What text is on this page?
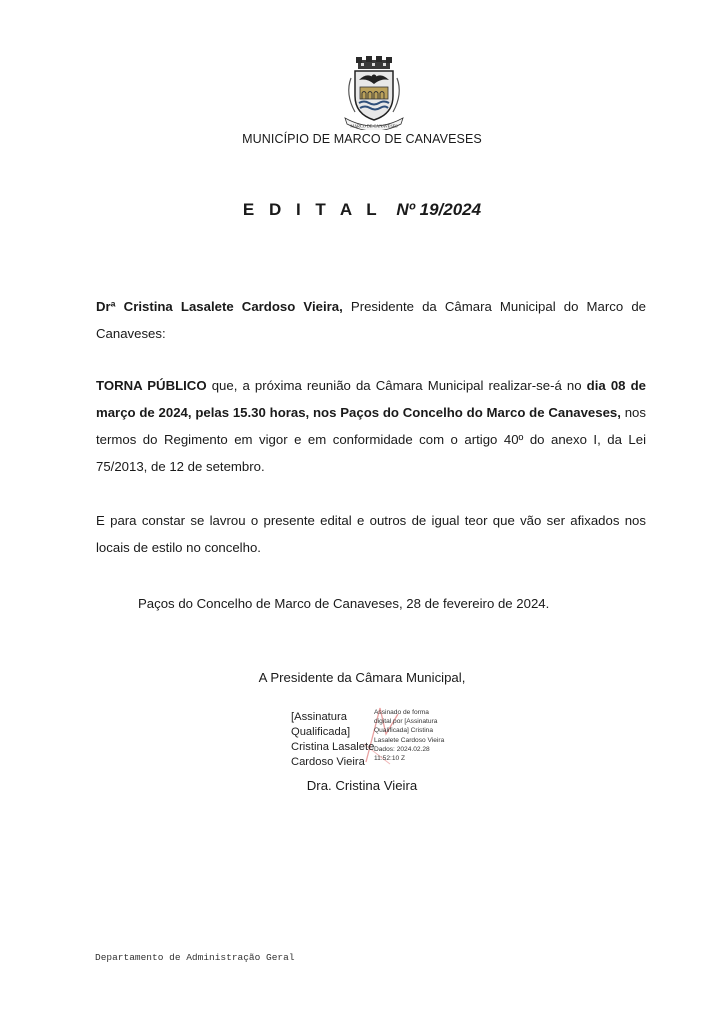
MARCO DE CANAVESES
MUNICÍPIO DE MARCO DE CANAVESES
E D I T A L Nº 19/2024
Drª Cristina Lasalete Cardoso Vieira, Presidente da Câmara Municipal do Marco de Canaveses:
TORNA PÚBLICO que, a próxima reunião da Câmara Municipal realizar-se-á no dia 08 de março de 2024, pelas 15.30 horas, nos Paços do Concelho do Marco de Canaveses, nos termos do Regimento em vigor e em conformidade com o artigo 40º do anexo I, da Lei 75/2013, de 12 de setembro.
E para constar se lavrou o presente edital e outros de igual teor que vão ser afixados nos locais de estilo no concelho.
Paços do Concelho de Marco de Canaveses, 28 de fevereiro de 2024.
A Presidente da Câmara Municipal,
[Assinatura
Qualificada]
Cristina Lasalete
Cardoso Vieira
Assinado de forma
digital por [Assinatura
Qualificada] Cristina
Lasalete Cardoso Vieira
Dados: 2024.02.28
11:52:10 Z
Dra. Cristina Vieira
Departamento de Administração Geral
